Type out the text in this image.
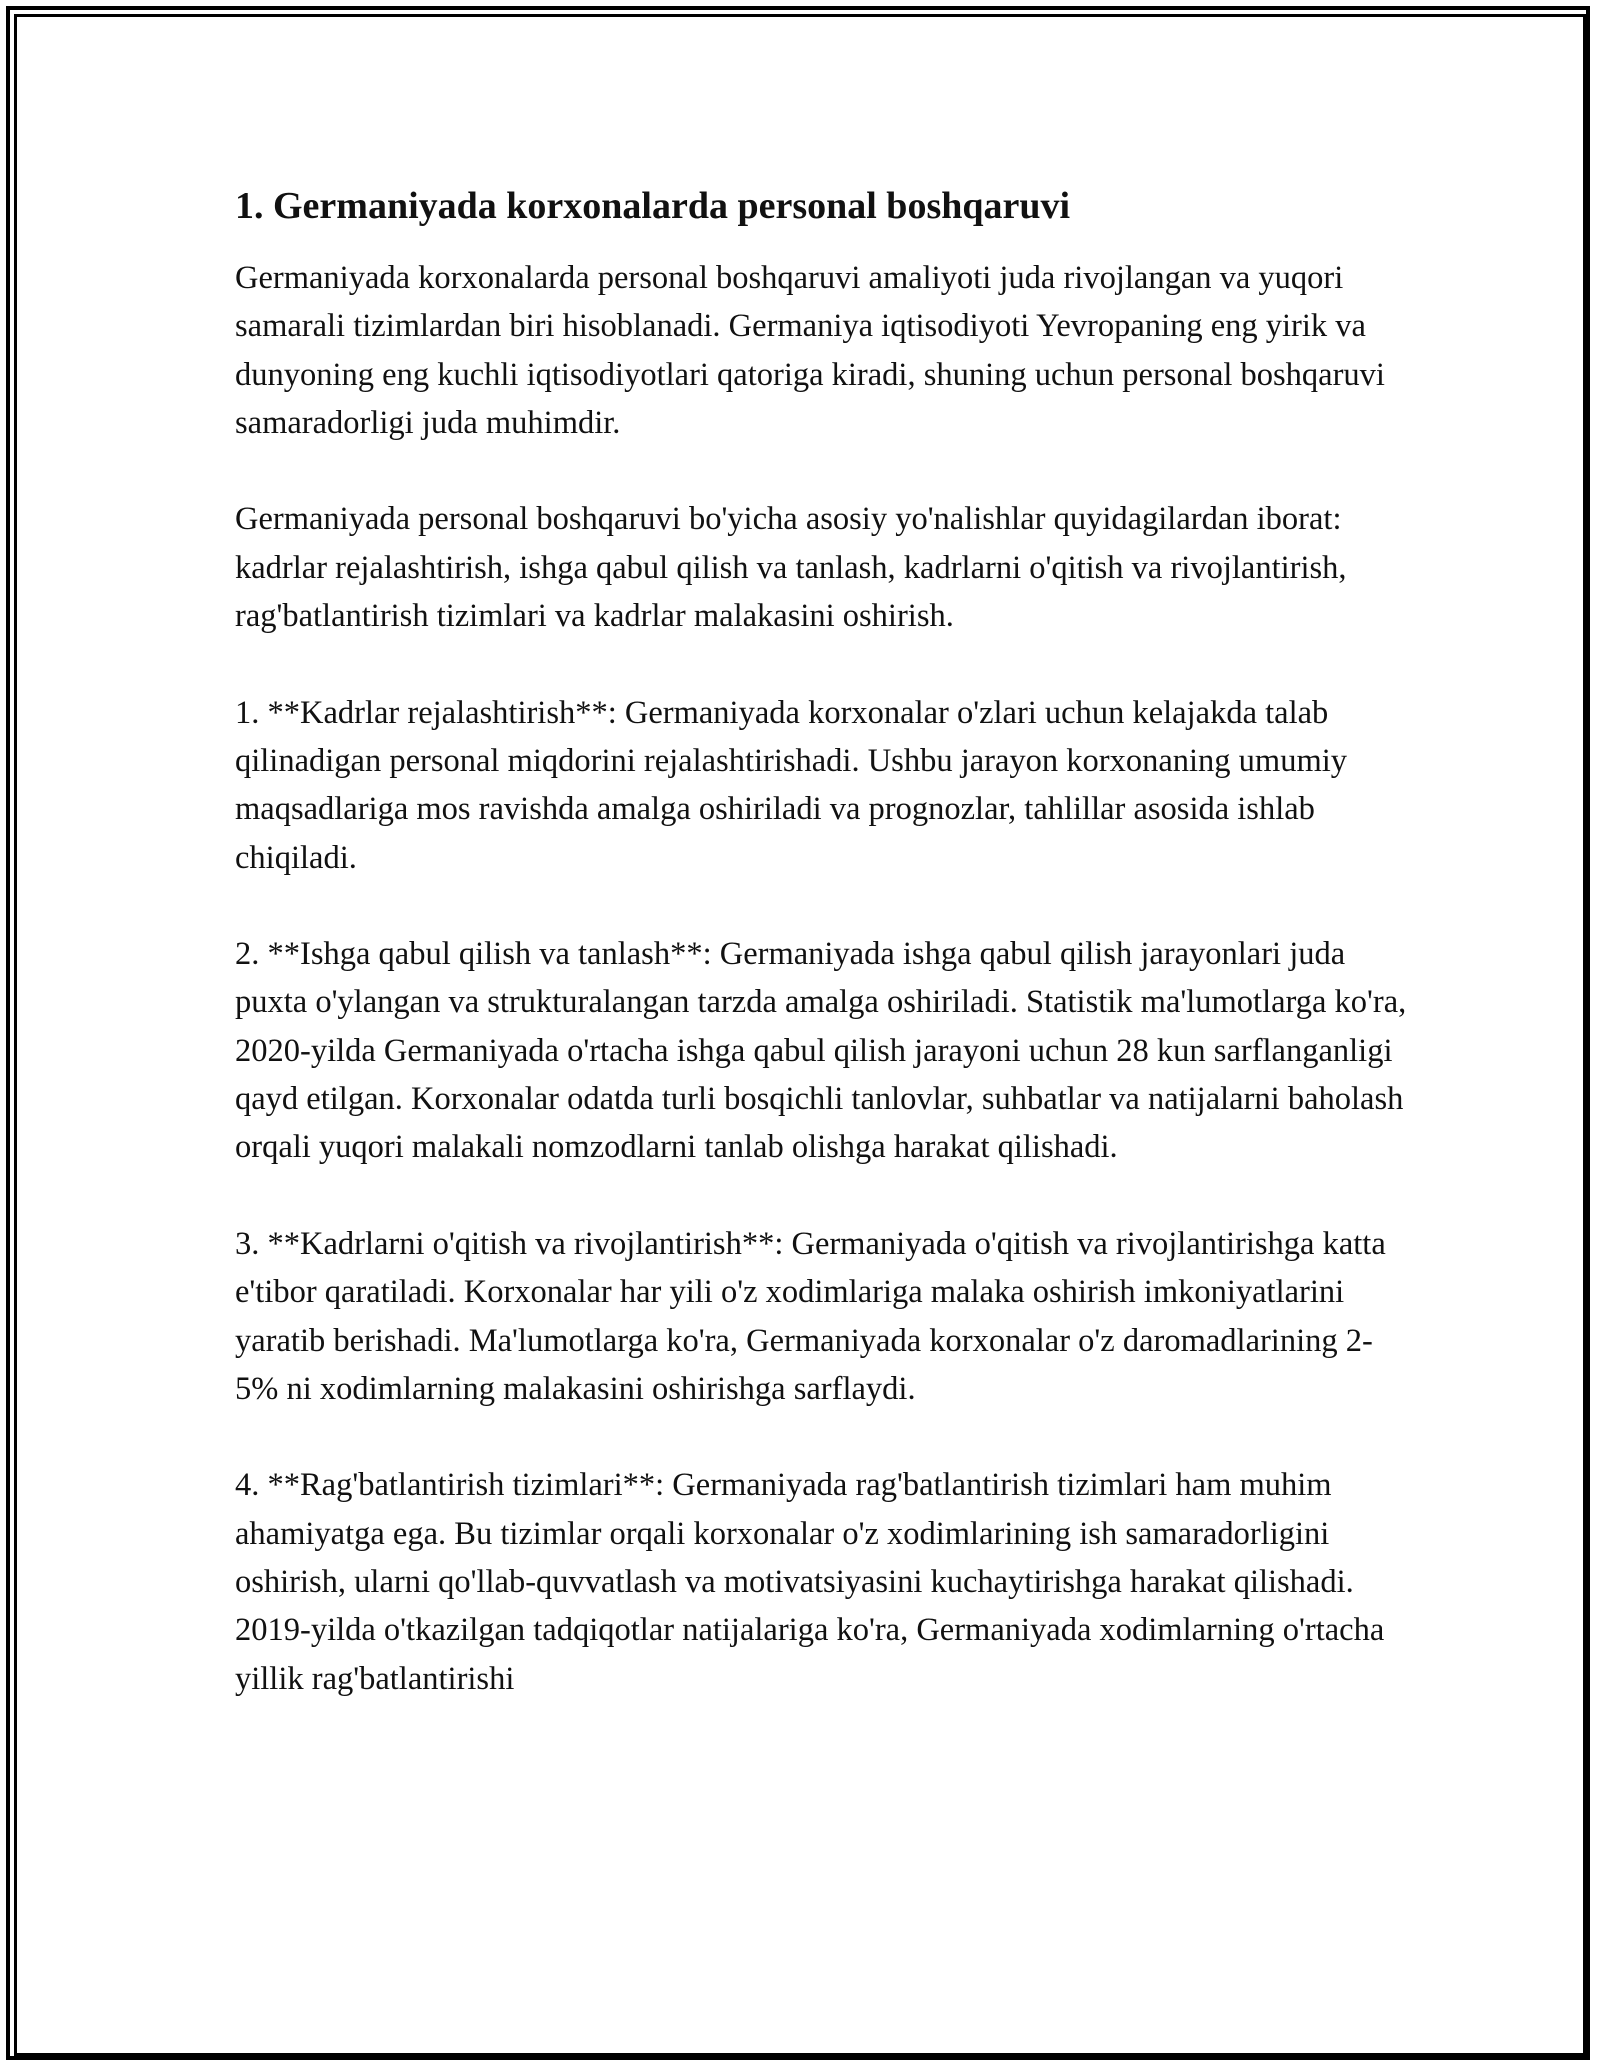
1. Germaniyada korxonalarda personal boshqaruvi

Germaniyada korxonalarda personal boshqaruvi amaliyoti juda rivojlangan va yuqori samarali tizimlardan biri hisoblanadi. Germaniya iqtisodiyoti Yevropaning eng yirik va dunyoning eng kuchli iqtisodiyotlari qatoriga kiradi, shuning uchun personal boshqaruvi samaradorligi juda muhimdir.

Germaniyada personal boshqaruvi bo'yicha asosiy yo'nalishlar quyidagilardan iborat: kadrlar rejalashtirish, ishga qabul qilish va tanlash, kadrlarni o'qitish va rivojlantirish, rag'batlantirish tizimlari va kadrlar malakasini oshirish.

1. **Kadrlar rejalashtirish**: Germaniyada korxonalar o'zlari uchun kelajakda talab qilinadigan personal miqdorini rejalashtirishadi. Ushbu jarayon korxonaning umumiy maqsadlariga mos ravishda amalga oshiriladi va prognozlar, tahlillar asosida ishlab chiqiladi.

2. **Ishga qabul qilish va tanlash**: Germaniyada ishga qabul qilish jarayonlari juda puxta o'ylangan va strukturalangan tarzda amalga oshiriladi. Statistik ma'lumotlarga ko'ra, 2020-yilda Germaniyada o'rtacha ishga qabul qilish jarayoni uchun 28 kun sarflanganligi qayd etilgan. Korxonalar odatda turli bosqichli tanlovlar, suhbatlar va natijalarni baholash orqali yuqori malakali nomzodlarni tanlab olishga harakat qilishadi.

3. **Kadrlarni o'qitish va rivojlantirish**: Germaniyada o'qitish va rivojlantirishga katta e'tibor qaratiladi. Korxonalar har yili o'z xodimlariga malaka oshirish imkoniyatlarini yaratib berishadi. Ma'lumotlarga ko'ra, Germaniyada korxonalar o'z daromadlarining 2-5% ni xodimlarning malakasini oshirishga sarflaydi.

4. **Rag'batlantirish tizimlari**: Germaniyada rag'batlantirish tizimlari ham muhim ahamiyatga ega. Bu tizimlar orqali korxonalar o'z xodimlarining ish samaradorligini oshirish, ularni qo'llab-quvvatlash va motivatsiyasini kuchaytirishga harakat qilishadi. 2019-yilda o'tkazilgan tadqiqotlar natijalariga ko'ra, Germaniyada xodimlarning o'rtacha yillik rag'batlantirishi
